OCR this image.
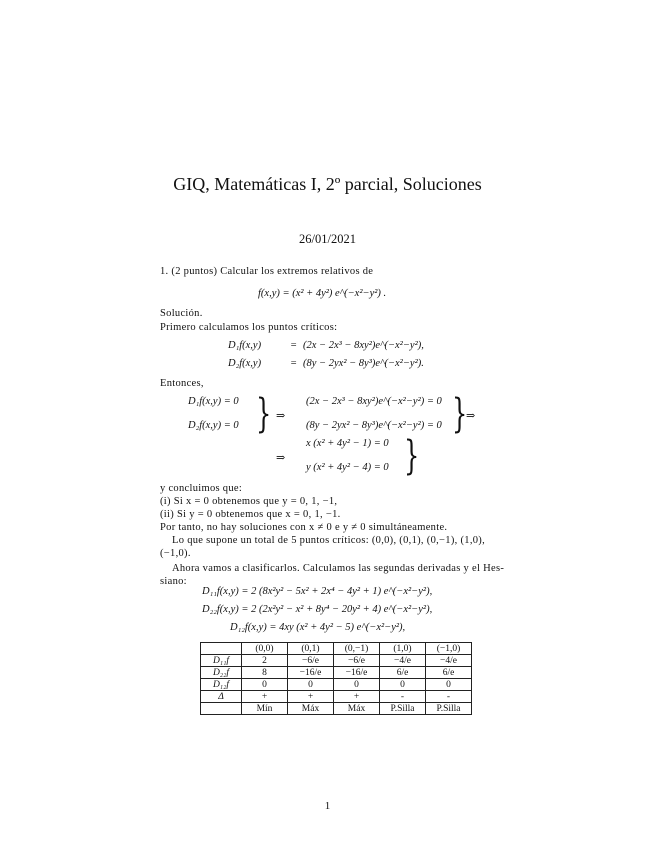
GIQ, Matemáticas I, 2º parcial, Soluciones
26/01/2021
1. (2 puntos) Calcular los extremos relativos de
f(x,y) = (x² + 4y²) e^(−x²−y²) .
Solución.
Primero calculamos los puntos críticos:
D₁f(x,y)	= (2x − 2x³ − 8xy²)e^(−x²−y²),
D₂f(x,y)	= (8y − 2yx² − 8y³)e^(−x²−y²).
Entonces,
D₁f(x,y) = 0
D₂f(x,y) = 0 } ⇒
(2x − 2x³ − 8xy²)e^(−x²−y²) = 0
(8y − 2yx² − 8y³)e^(−x²−y²) = 0 }
⇒
⇒
x (x² + 4y² − 1) = 0
y (x² + 4y² − 4) = 0 }
y concluimos que:
(i) Si x = 0 obtenemos que y = 0, 1, −1,
(ii) Si y = 0 obtenemos que x = 0, 1, −1.
Por tanto, no hay soluciones con x ≠ 0 e y ≠ 0 simultáneamente.
Lo que supone un total de 5 puntos críticos: (0,0), (0,1), (0,−1), (1,0),
(−1,0).
Ahora vamos a clasificarlos. Calculamos las segundas derivadas y el Hes-
siano:
D₁₁f(x,y) = 2 (8x²y² − 5x² + 2x⁴ − 4y² + 1) e^(−x²−y²),
D₂₂f(x,y) = 2 (2x²y² − x² + 8y⁴ − 20y² + 4) e^(−x²−y²),
D₁₂f(x,y) = 4xy (x² + 4y² − 5) e^(−x²−y²),
	(0,0)	(0,1)	(0,−1)	(1,0)	(−1,0)
D₁₁f	2	−6/e	−6/e	−4/e	−4/e
D₂₂f	8	−16/e	−16/e	6/e	6/e
D₁₂f	0	0	0	0	0
Δ	+	+	+	-	-
	Mín	Máx	Máx	P.Silla	P.Silla
1
